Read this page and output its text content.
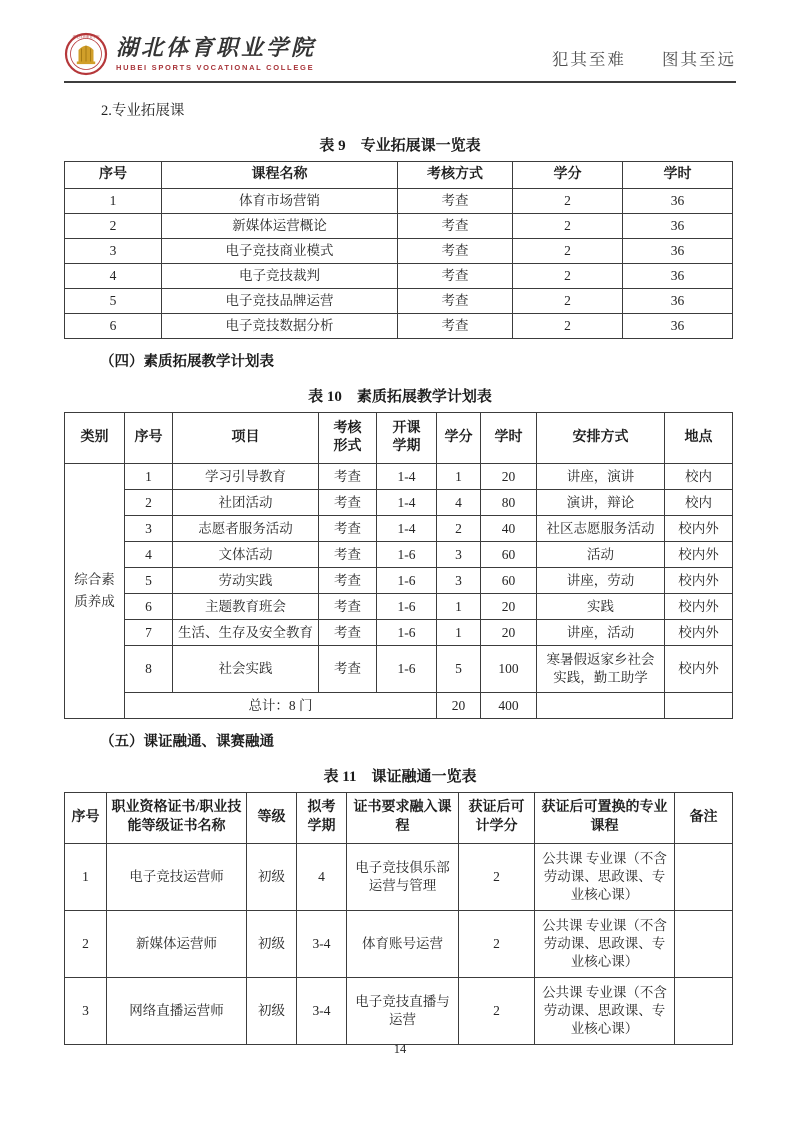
湖北体育职业学院 湖北体育职业学院
HUBEI SPORTS VOCATIONAL COLLEGE	犯其至难 图其至远

2.专业拓展课

表 9　专业拓展课一览表

序号	课程名称	考核方式	学分	学时
1	体育市场营销	考查	2	36
2	新媒体运营概论	考查	2	36
3	电子竞技商业模式	考查	2	36
4	电子竞技裁判	考查	2	36
5	电子竞技品牌运营	考查	2	36
6	电子竞技数据分析	考查	2	36

（四）素质拓展教学计划表

表 10　素质拓展教学计划表

类别	序号	项目	考核形式	开课学期	学分	学时	安排方式	地点
综合素质养成	1	学习引导教育	考查	1-4	1	20	讲座，演讲	校内
	2	社团活动	考查	1-4	4	80	演讲，辩论	校内
	3	志愿者服务活动	考查	1-4	2	40	社区志愿服务活动	校内外
	4	文体活动	考查	1-6	3	60	活动	校内外
	5	劳动实践	考查	1-6	3	60	讲座，劳动	校内外
	6	主题教育班会	考查	1-6	1	20	实践	校内外
	7	生活、生存及安全教育	考查	1-6	1	20	讲座，活动	校内外
	8	社会实践	考查	1-6	5	100	寒暑假返家乡社会实践，勤工助学	校内外
	总计：8 门				20	400		

（五）课证融通、课赛融通

表 11　课证融通一览表

序号	职业资格证书/职业技能等级证书名称	等级	拟考学期	证书要求融入课程	获证后可计学分	获证后可置换的专业课程	备注
1	电子竞技运营师	初级	4	电子竞技俱乐部运营与管理	2	公共课 专业课（不含劳动课、思政课、专业核心课）	
2	新媒体运营师	初级	3-4	体育账号运营	2	公共课 专业课（不含劳动课、思政课、专业核心课）	
3	网络直播运营师	初级	3-4	电子竞技直播与运营	2	公共课 专业课（不含劳动课、思政课、专业核心课）	
14
